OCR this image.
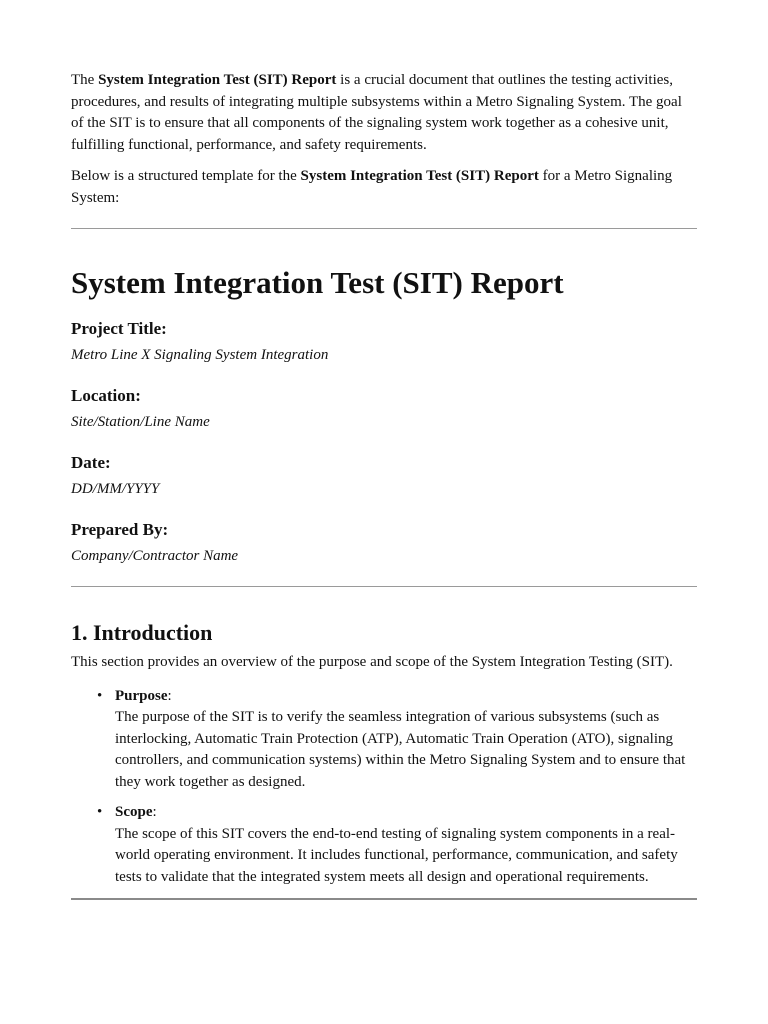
The System Integration Test (SIT) Report is a crucial document that outlines the testing activities, procedures, and results of integrating multiple subsystems within a Metro Signaling System. The goal of the SIT is to ensure that all components of the signaling system work together as a cohesive unit, fulfilling functional, performance, and safety requirements.

Below is a structured template for the System Integration Test (SIT) Report for a Metro Signaling System:

System Integration Test (SIT) Report
Project Title:
Metro Line X Signaling System Integration
Location:
Site/Station/Line Name
Date:
DD/MM/YYYY
Prepared By:
Company/Contractor Name
1. Introduction

This section provides an overview of the purpose and scope of the System Integration Testing (SIT).

• Purpose:
The purpose of the SIT is to verify the seamless integration of various subsystems (such as interlocking, Automatic Train Protection (ATP), Automatic Train Operation (ATO), signaling controllers, and communication systems) within the Metro Signaling System and to ensure that they work together as designed.
• Scope:
The scope of this SIT covers the end-to-end testing of signaling system components in a real-world operating environment. It includes functional, performance, communication, and safety tests to validate that the integrated system meets all design and operational requirements.
